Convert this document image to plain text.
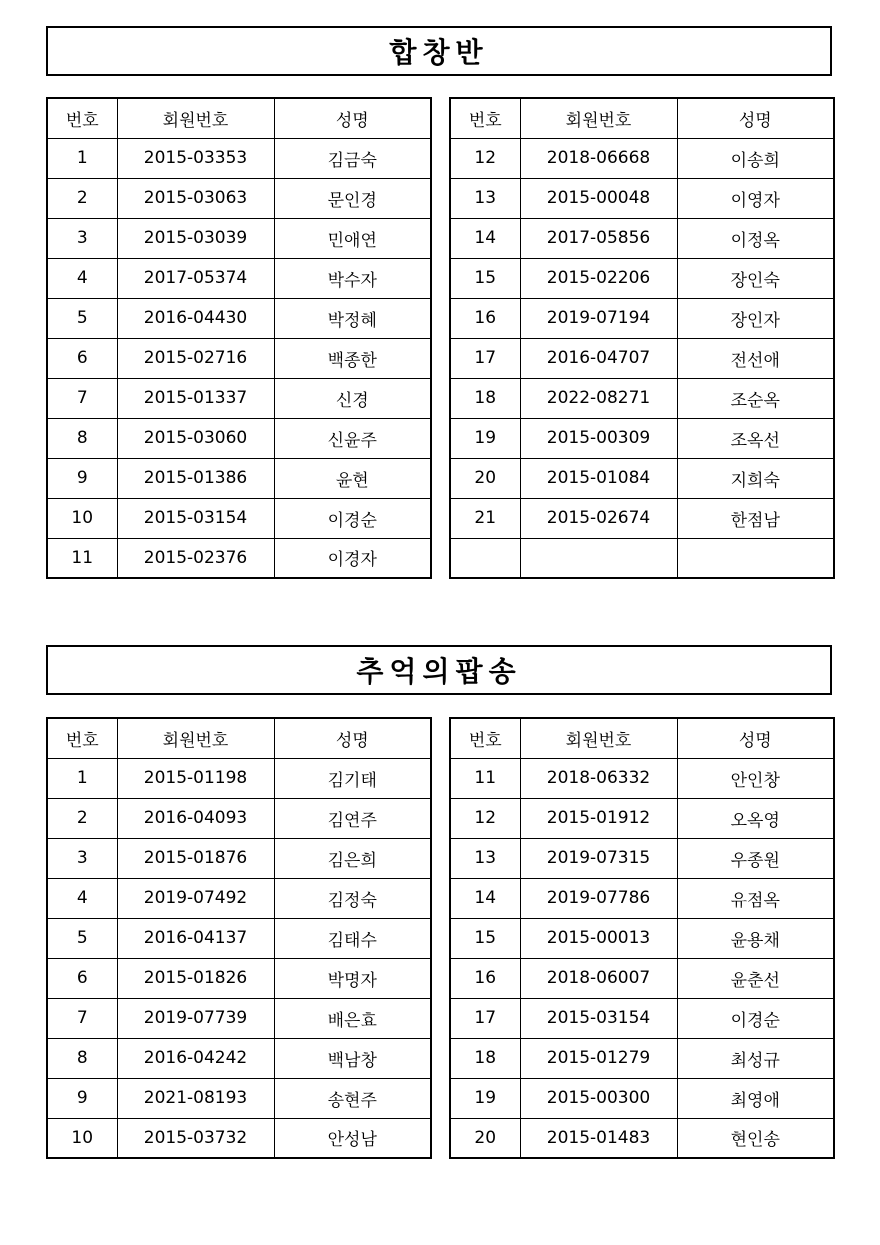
합창반
번호	회원번호	성명
1	2015-03353	김금숙
2	2015-03063	문인경
3	2015-03039	민애연
4	2017-05374	박수자
5	2016-04430	박정혜
6	2015-02716	백종한
7	2015-01337	신경
8	2015-03060	신윤주
9	2015-01386	윤현
10	2015-03154	이경순
11	2015-02376	이경자
번호	회원번호	성명
12	2018-06668	이송희
13	2015-00048	이영자
14	2017-05856	이정옥
15	2015-02206	장인숙
16	2019-07194	장인자
17	2016-04707	전선애
18	2022-08271	조순옥
19	2015-00309	조옥선
20	2015-01084	지희숙
21	2015-02674	한점남

추억의팝송
번호	회원번호	성명
1	2015-01198	김기태
2	2016-04093	김연주
3	2015-01876	김은희
4	2019-07492	김정숙
5	2016-04137	김태수
6	2015-01826	박명자
7	2019-07739	배은효
8	2016-04242	백남창
9	2021-08193	송현주
10	2015-03732	안성남
번호	회원번호	성명
11	2018-06332	안인창
12	2015-01912	오옥영
13	2019-07315	우종원
14	2019-07786	유점옥
15	2015-00013	윤용채
16	2018-06007	윤춘선
17	2015-03154	이경순
18	2015-01279	최성규
19	2015-00300	최영애
20	2015-01483	현인송
